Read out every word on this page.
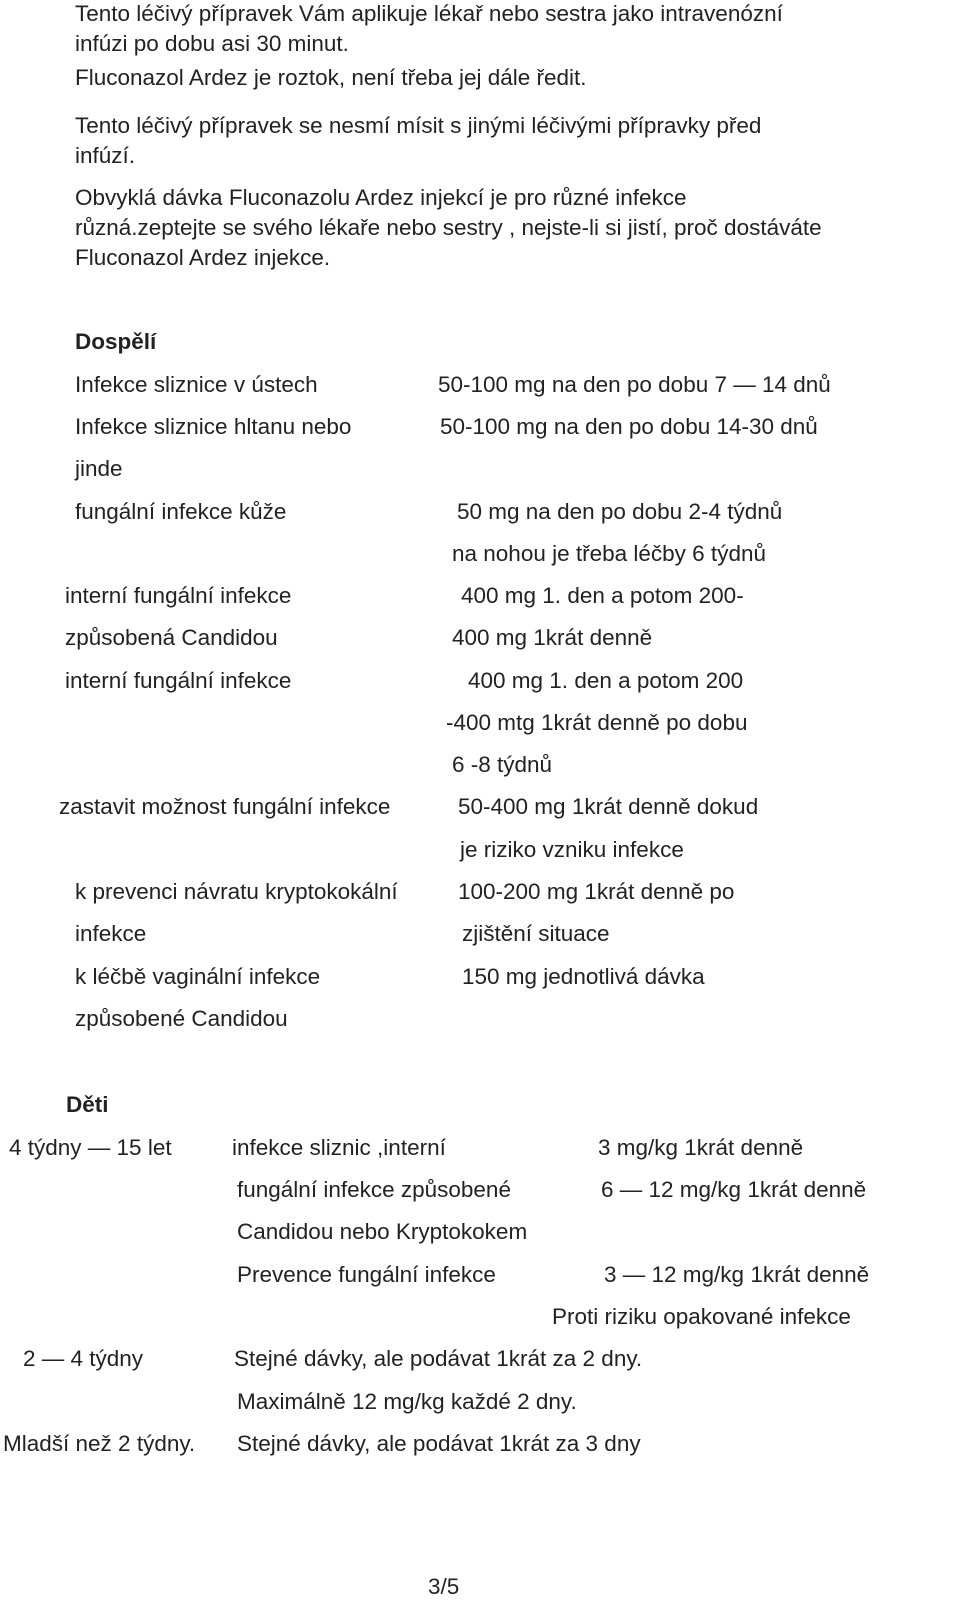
Tento léčivý přípravek Vám aplikuje lékař nebo sestra jako intravenózní
infúzi po dobu asi 30 minut.
Fluconazol Ardez je roztok, není třeba jej dále ředit.
Tento léčivý přípravek se nesmí mísit s jinými léčivými přípravky před
infúzí.
Obvyklá dávka Fluconazolu Ardez injekcí je pro různé infekce
různá.zeptejte se svého lékaře nebo sestry , nejste-li si jistí, proč dostáváte
Fluconazol Ardez injekce.
Dospělí
Infekce sliznice v ústech	50-100 mg na den po dobu 7 — 14 dnů
Infekce sliznice hltanu nebo	50-100 mg na den po dobu 14-30 dnů
jinde
fungální infekce kůže	50 mg na den po dobu 2-4 týdnů
na nohou je třeba léčby 6 týdnů
interní fungální infekce	400 mg 1. den a potom 200-
způsobená Candidou	400 mg 1krát denně
interní fungální infekce	400 mg 1. den a potom 200
-400 mtg 1krát denně po dobu
6 -8 týdnů
zastavit možnost fungální infekce	50-400 mg 1krát denně dokud
je riziko vzniku infekce
k prevenci návratu kryptokokální	100-200 mg 1krát denně po
infekce	zjištění situace
k léčbě vaginální infekce	150 mg jednotlivá dávka
způsobené Candidou
Děti
4 týdny — 15 let	infekce sliznic ,interní	3 mg/kg 1krát denně
fungální infekce způsobené	6 — 12 mg/kg 1krát denně
Candidou nebo Kryptokokem
Prevence fungální infekce	3 — 12 mg/kg 1krát denně
Proti riziku opakované infekce
2 — 4 týdny	Stejné dávky, ale podávat 1krát za 2 dny.
Maximálně 12 mg/kg každé 2 dny.
Mladší než 2 týdny. Stejné dávky, ale podávat 1krát za 3 dny
3/5
